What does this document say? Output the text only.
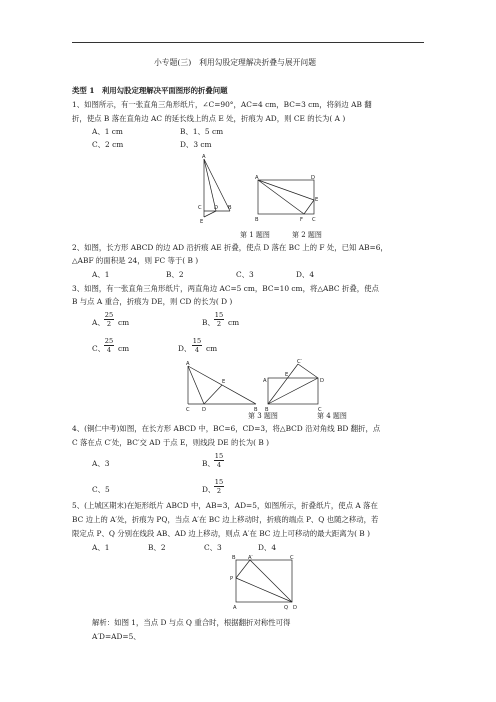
小专题(三)　利用勾股定理解决折叠与展开问题
类型 1　利用勾股定理解决平面图形的折叠问题
1、如图所示，有一张直角三角形纸片，∠C=90°，AC=4 cm，BC=3 cm，将斜边 AB 翻
折，使点 B 落在直角边 AC 的延长线上的点 E 处，折痕为 AD，则 CE 的长为( A )
A、1 cm	B、1、5 cm
C、2 cm	D、3 cm
A
C D B
E
A	D
E
B	F C
第 1 题图	第 2 题图
2、如图，长方形 ABCD 的边 AD 沿折痕 AE 折叠，使点 D 落在 BC 上的 F 处，已知 AB=6，
△ABF 的面积是 24，则 FC 等于( B )
A、1	B、2	C、3	D、4
3、如图，有一张直角三角形纸片，两直角边 AC=5 cm，BC=10 cm，将△ABC 折叠，使点
B 与点 A 重合，折痕为 DE，则 CD 的长为( D )
A、 $\frac{25}{2}$ cm	B、 $\frac{15}{2}$ cm
C、
$\frac{25}{4}$ cm	D、 $\frac{15}{4}$ cm
A
E
C D	B
C′
A
E
D
B	C
第 3 题图	第 4 题图
4、(铜仁中考)如图，在长方形 ABCD 中，BC=6，CD=3，将△BCD 沿对角线 BD 翻折，点
C 落在点 C′处，BC′交 AD 于点 E，则线段 DE 的长为( B )
A、3	B、 $\frac{15}{4}$
C、5	D、
$\frac{15}{2}$
5、(上城区期末)在矩形纸片 ABCD 中，AB=3，AD=5，如图所示，折叠纸片，使点 A 落在
BC 边上的 A′处，折痕为 PQ，当点 A′在 BC 边上移动时，折痕的端点 P、Q 也随之移动，若
限定点 P、Q 分别在线段 AB、AD 边上移动，则点 A′在 BC 边上可移动的最大距离为( B )
A、1	B、2	C、3	D、4
B A′	C
P
A	Q D
解析：如图 1，当点 D 与点 Q 重合时，根据翻折对称性可得
A′D=AD=5、
